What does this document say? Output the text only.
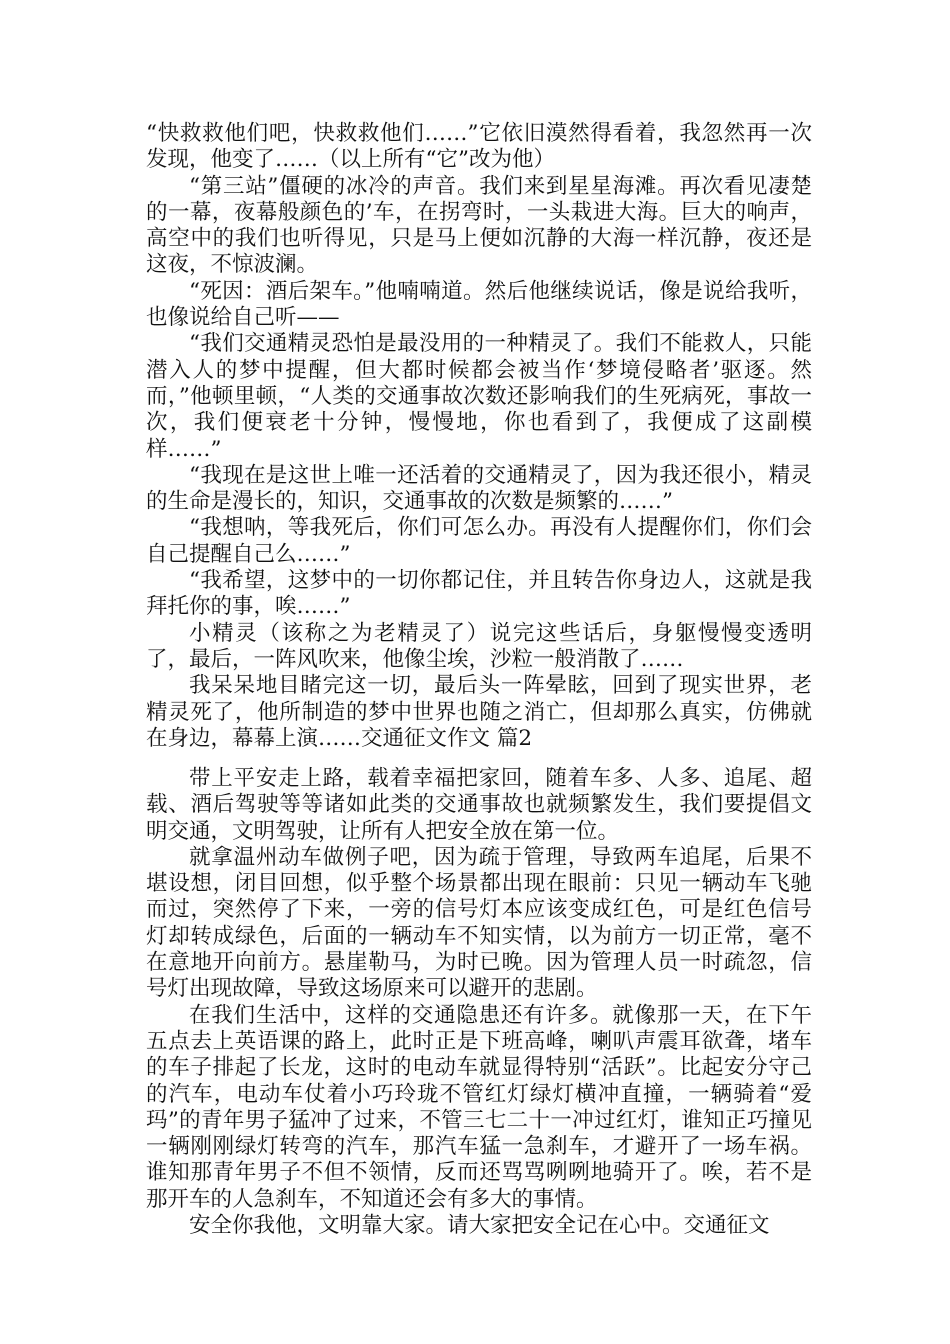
“快救救他们吧，快救救他们……”它依旧漠然得看着，我忽然再一次发现，他变了……（以上所有“它”改为他）

“第三站”僵硬的冰冷的声音。我们来到星星海滩。再次看见凄楚的一幕，夜幕般颜色的’车，在拐弯时，一头栽进大海。巨大的响声，高空中的我们也听得见，只是马上便如沉静的大海一样沉静，夜还是这夜，不惊波澜。

“死因：酒后架车。”他喃喃道。然后他继续说话，像是说给我听，也像说给自己听——

“我们交通精灵恐怕是最没用的一种精灵了。我们不能救人，只能潜入人的梦中提醒，但大都时候都会被当作‘梦境侵略者’驱逐。然而，”他顿里顿，“人类的交通事故次数还影响我们的生死病死，事故一次，我们便衰老十分钟，慢慢地，你也看到了，我便成了这副模样……”

“我现在是这世上唯一还活着的交通精灵了，因为我还很小，精灵的生命是漫长的，知识，交通事故的次数是频繁的……”

“我想呐，等我死后，你们可怎么办。再没有人提醒你们，你们会自己提醒自己么……”

“我希望，这梦中的一切你都记住，并且转告你身边人，这就是我拜托你的事，唉……”

小精灵（该称之为老精灵了）说完这些话后，身躯慢慢变透明了，最后，一阵风吹来，他像尘埃，沙粒一般消散了……

我呆呆地目睹完这一切，最后头一阵晕眩，回到了现实世界，老精灵死了，他所制造的梦中世界也随之消亡，但却那么真实，仿佛就在身边，幕幕上演……交通征文作文 篇2

带上平安走上路，载着幸福把家回，随着车多、人多、追尾、超载、酒后驾驶等等诸如此类的交通事故也就频繁发生，我们要提倡文明交通，文明驾驶，让所有人把安全放在第一位。

就拿温州动车做例子吧，因为疏于管理，导致两车追尾，后果不堪设想，闭目回想，似乎整个场景都出现在眼前：只见一辆动车飞驰而过，突然停了下来，一旁的信号灯本应该变成红色，可是红色信号灯却转成绿色，后面的一辆动车不知实情，以为前方一切正常，毫不在意地开向前方。悬崖勒马，为时已晚。因为管理人员一时疏忽，信号灯出现故障，导致这场原来可以避开的悲剧。

在我们生活中，这样的交通隐患还有许多。就像那一天，在下午五点去上英语课的路上，此时正是下班高峰，喇叭声震耳欲聋，堵车的车子排起了长龙，这时的电动车就显得特别“活跃”。比起安分守己的汽车，电动车仗着小巧玲珑不管红灯绿灯横冲直撞，一辆骑着“爱玛”的青年男子猛冲了过来，不管三七二十一冲过红灯，谁知正巧撞见一辆刚刚绿灯转弯的汽车，那汽车猛一急刹车，才避开了一场车祸。谁知那青年男子不但不领情，反而还骂骂咧咧地骑开了。唉，若不是那开车的人急刹车，不知道还会有多大的事情。

安全你我他，文明靠大家。请大家把安全记在心中。交通征文
